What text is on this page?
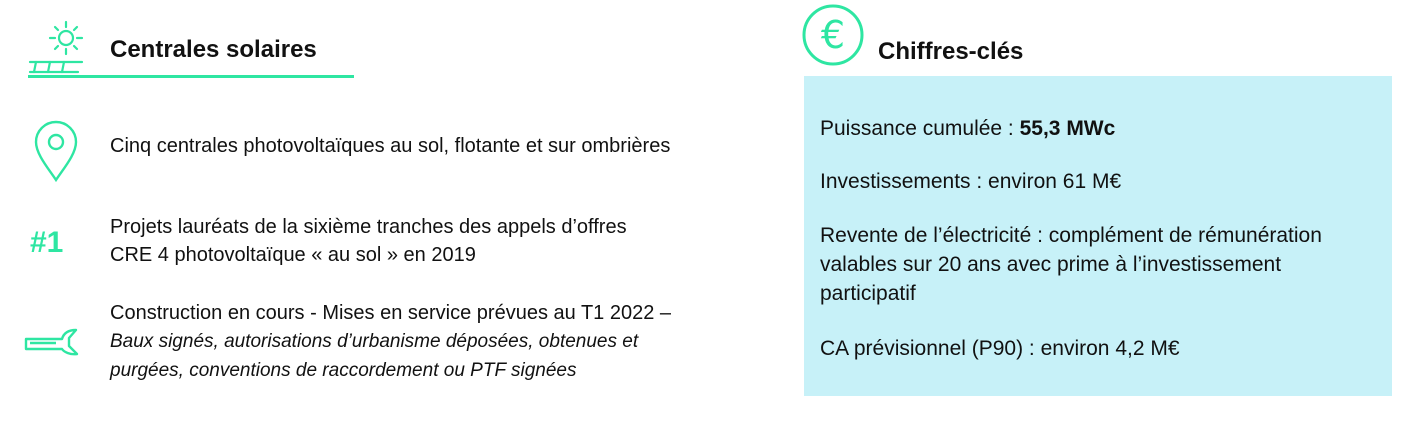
Centrales solaires
Cinq centrales photovoltaïques au sol, flotante et sur ombrières
#1 Projets lauréats de la sixième tranches des appels d’offres CRE 4 photovoltaïque « au sol » en 2019
Construction en cours - Mises en service prévues au T1 2022 – Baux signés, autorisations d’urbanisme déposées, obtenues et purgées, conventions de raccordement ou PTF signées
€ Chiffres-clés
Puissance cumulée : 55,3 MWc
Investissements : environ 61 M€
Revente de l’électricité : complément de rémunération valables sur 20 ans avec prime à l’investissement participatif
CA prévisionnel (P90) : environ 4,2 M€
